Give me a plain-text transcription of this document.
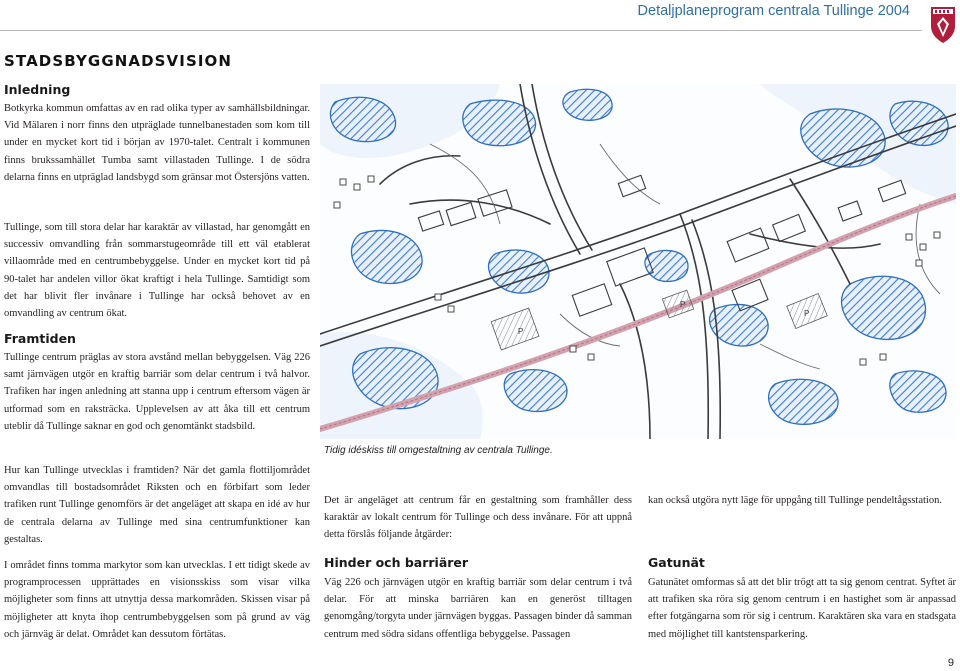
Detaljplaneprogram centrala Tullinge 2004
STADSBYGGNADSVISION
Inledning

Botkyrka kommun omfattas av en rad olika typer av samhällsbildningar. Vid Mälaren i norr finns den utpräglade tunnelbanestaden som kom till under en mycket kort tid i början av 1970-talet. Centralt i kommunen finns brukssamhället Tumba samt villastaden Tullinge. I de södra delarna finns en utpräglad landsbygd som gränsar mot Östersjöns vatten.

Tullinge, som till stora delar har karaktär av villastad, har genomgått en successiv omvandling från sommarstugeområde till ett väl etablerat villaområde med en centrumbebyggelse. Under en mycket kort tid på 90-talet har andelen villor ökat kraftigt i hela Tullinge. Samtidigt som det har blivit fler invånare i Tullinge har också behovet av en omvandling av centrum ökat.

Framtiden

Tullinge centrum präglas av stora avstånd mellan bebyggelsen. Väg 226 samt järnvägen utgör en kraftig barriär som delar centrum i två halvor. Trafiken har ingen anledning att stanna upp i centrum eftersom vägen är utformad som en raksträcka. Upplevelsen av att åka till ett centrum uteblir då Tullinge saknar en god och genomtänkt stadsbild.

Hur kan Tullinge utvecklas i framtiden? När det gamla flottiljområdet omvandlas till bostadsområdet Riksten och en förbifart som leder trafiken runt Tullinge genomförs är det angeläget att skapa en idé av hur de centrala delarna av Tullinge med sina centrumfunktioner kan gestaltas.

I området finns tomma markytor som kan utvecklas. I ett tidigt skede av programprocessen upprättades en visionsskiss som visar vilka möjligheter som finns att utnyttja dessa markområden. Skissen visar på möjligheter att knyta ihop centrumbebyggelsen som på grund av väg och järnväg är delat. Området kan dessutom förtätas.

P
P
P
Tidig idéskiss till omgestaltning av centrala Tullinge.

Det är angeläget att centrum får en gestaltning som framhåller dess karaktär av lokalt centrum för Tullinge och dess invånare. För att uppnå detta förslås följande åtgärder:

kan också utgöra nytt läge för uppgång till Tullinge pendeltågsstation.

Hinder och barriärer

Väg 226 och järnvägen utgör en kraftig barriär som delar centrum i två delar. För att minska barriären kan en generöst tilltagen genomgång/torgyta under järnvägen byggas. Passagen binder då samman centrum med södra sidans offentliga bebyggelse. Passagen

Gatunät

Gatunätet omformas så att det blir trögt att ta sig genom centrat. Syftet är att trafiken ska röra sig genom centrum i en hastighet som är anpassad efter fotgängarna som rör sig i centrum. Karaktären ska vara en stadsgata med möjlighet till kantstensparkering.

9
